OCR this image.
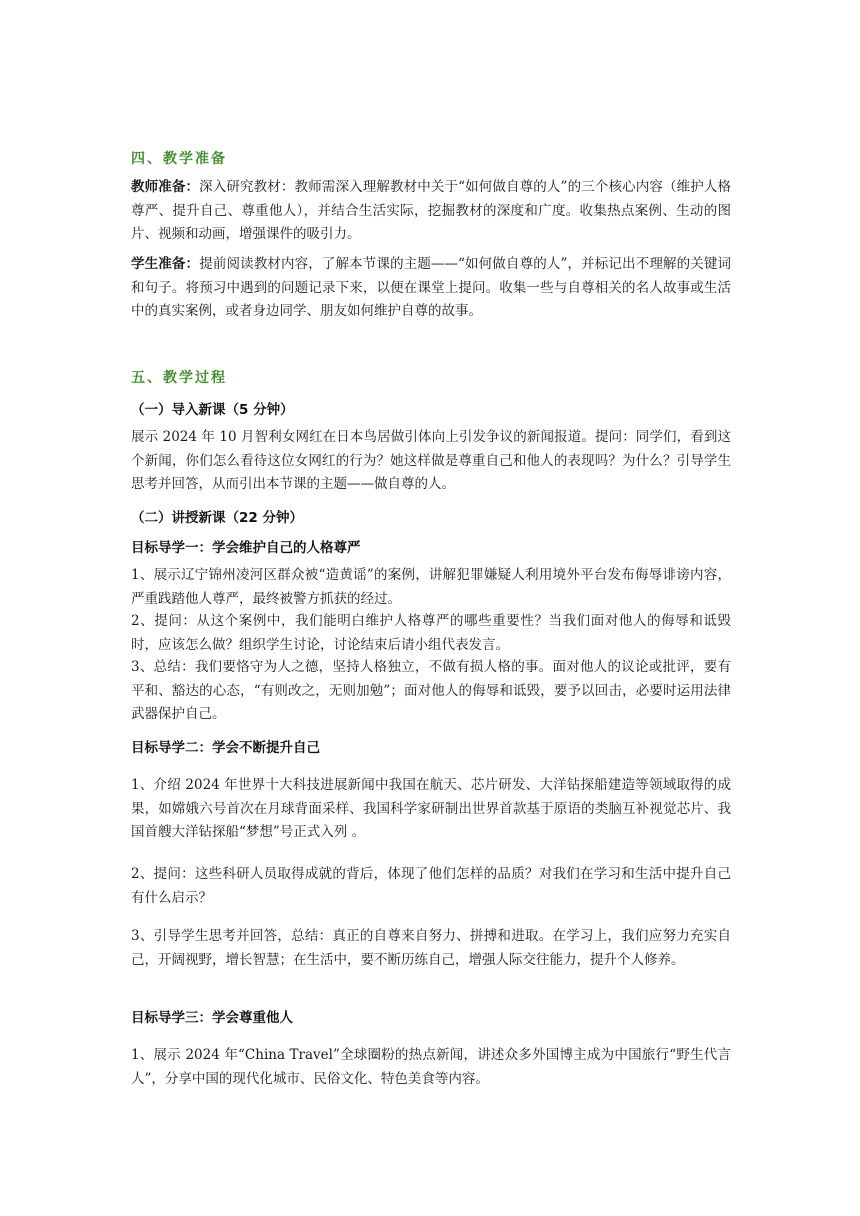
四、教学准备

教师准备：深入研究教材：教师需深入理解教材中关于“如何做自尊的人”的三个核心内容（维护人格尊严、提升自己、尊重他人），并结合生活实际，挖掘教材的深度和广度。收集热点案例、生动的图片、视频和动画，增强课件的吸引力。

学生准备：提前阅读教材内容，了解本节课的主题——“如何做自尊的人”，并标记出不理解的关键词和句子。将预习中遇到的问题记录下来，以便在课堂上提问。收集一些与自尊相关的名人故事或生活中的真实案例，或者身边同学、朋友如何维护自尊的故事。

五、教学过程
（一）导入新课（5 分钟）

展示 2024 年 10 月智利女网红在日本鸟居做引体向上引发争议的新闻报道。提问：同学们，看到这个新闻，你们怎么看待这位女网红的行为？她这样做是尊重自己和他人的表现吗？为什么？引导学生思考并回答，从而引出本节课的主题——做自尊的人。

（二）讲授新课（22 分钟）
目标导学一：学会维护自己的人格尊严

1、展示辽宁锦州凌河区群众被“造黄谣”的案例，讲解犯罪嫌疑人利用境外平台发布侮辱诽谤内容，严重践踏他人尊严，最终被警方抓获的经过。

2、提问：从这个案例中，我们能明白维护人格尊严的哪些重要性？当我们面对他人的侮辱和诋毁时，应该怎么做？组织学生讨论，讨论结束后请小组代表发言。

3、总结：我们要恪守为人之德，坚持人格独立，不做有损人格的事。面对他人的议论或批评，要有平和、豁达的心态，“有则改之，无则加勉”；面对他人的侮辱和诋毁，要予以回击，必要时运用法律武器保护自己。

目标导学二：学会不断提升自己

1、介绍 2024 年世界十大科技进展新闻中我国在航天、芯片研发、大洋钻探船建造等领域取得的成果，如嫦娥六号首次在月球背面采样、我国科学家研制出世界首款基于原语的类脑互补视觉芯片、我国首艘大洋钻探船“梦想”号正式入列 。

2、提问：这些科研人员取得成就的背后，体现了他们怎样的品质？对我们在学习和生活中提升自己有什么启示？

3、引导学生思考并回答，总结：真正的自尊来自努力、拼搏和进取。在学习上，我们应努力充实自己，开阔视野，增长智慧；在生活中，要不断历练自己，增强人际交往能力，提升个人修养。

目标导学三：学会尊重他人

1、展示 2024 年“China Travel”全球圈粉的热点新闻，讲述众多外国博主成为中国旅行“野生代言人”，分享中国的现代化城市、民俗文化、特色美食等内容。
